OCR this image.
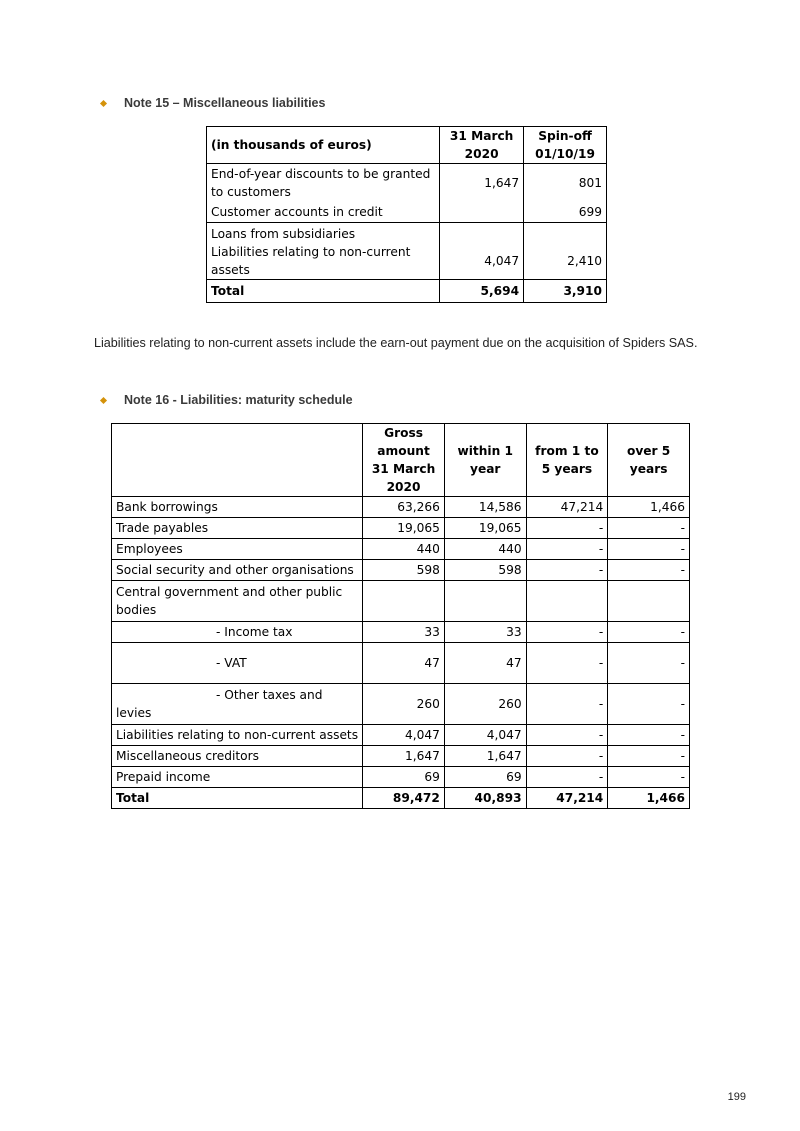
Note 15 – Miscellaneous liabilities
(in thousands of euros)	31 March 2020	Spin-off 01/10/19
End-of-year discounts to be granted to customers	1,647	801
Customer accounts in credit		699
Loans from subsidiaries		
Liabilities relating to non-current assets	4,047	2,410
Total	5,694	3,910
Liabilities relating to non-current assets include the earn-out payment due on the acquisition of Spiders SAS.
Note 16 - Liabilities: maturity schedule
	Gross amount 31 March 2020	within 1 year	from 1 to 5 years	over 5 years
Bank borrowings	63,266	14,586	47,214	1,466
Trade payables	19,065	19,065	-	-
Employees	440	440	-	-
Social security and other organisations	598	598	-	-
Central government and other public bodies				
- Income tax	33	33	-	-
- VAT	47	47	-	-

- Other taxes and
levies	260	260	-	-
Liabilities relating to non-current assets	4,047	4,047	-	-
Miscellaneous creditors	1,647	1,647	-	-
Prepaid income	69	69	-	-
Total	89,472	40,893	47,214	1,466
199
